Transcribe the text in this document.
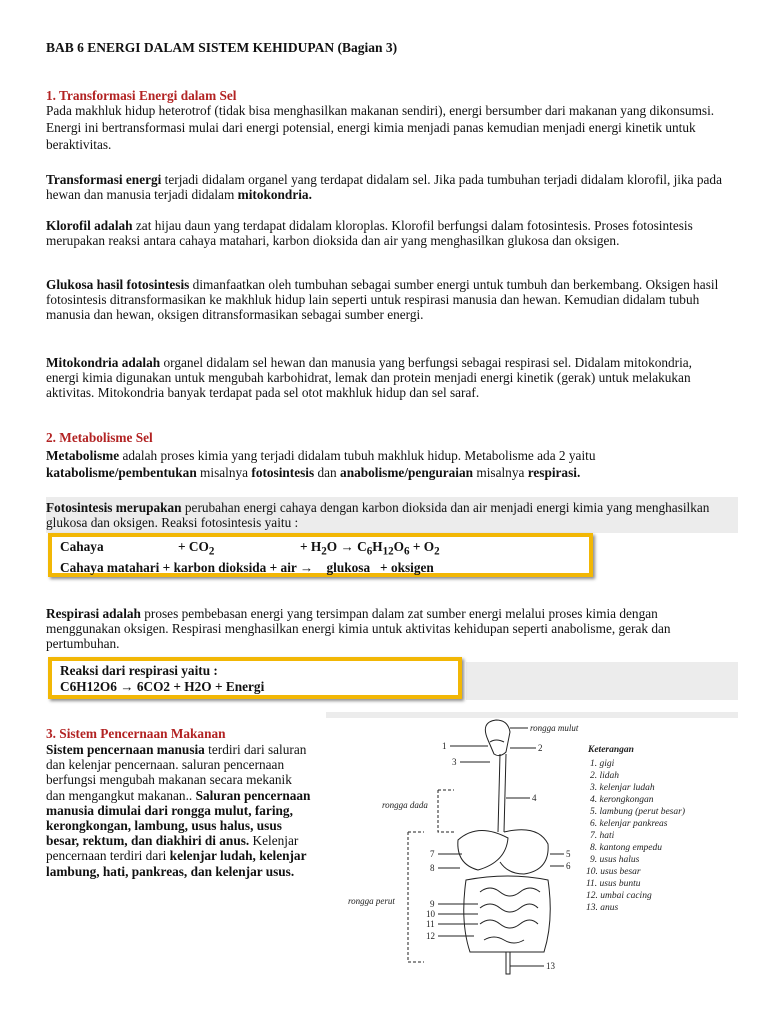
BAB 6 ENERGI DALAM SISTEM KEHIDUPAN (Bagian 3)
1. Transformasi Energi dalam Sel

Pada makhluk hidup heterotrof (tidak bisa menghasilkan makanan sendiri), energi bersumber dari makanan yang dikonsumsi. Energi ini bertransformasi mulai dari energi potensial, energi kimia menjadi panas kemudian menjadi energi kinetik untuk beraktivitas.

Transformasi energi terjadi didalam organel yang terdapat didalam sel. Jika pada tumbuhan terjadi didalam klorofil, jika pada hewan dan manusia terjadi didalam mitokondria.

Klorofil adalah zat hijau daun yang terdapat didalam kloroplas. Klorofil berfungsi dalam fotosintesis. Proses fotosintesis merupakan reaksi antara cahaya matahari, karbon dioksida dan air yang menghasilkan glukosa dan oksigen.

Glukosa hasil fotosintesis dimanfaatkan oleh tumbuhan sebagai sumber energi untuk tumbuh dan berkembang. Oksigen hasil fotosintesis ditransformasikan ke makhluk hidup lain seperti untuk respirasi manusia dan hewan. Kemudian didalam tubuh manusia dan hewan, oksigen ditransformasikan sebagai sumber energi.

Mitokondria adalah organel didalam sel hewan dan manusia yang berfungsi sebagai respirasi sel. Didalam mitokondria, energi kimia digunakan untuk mengubah karbohidrat, lemak dan protein menjadi energi kinetik (gerak) untuk melakukan aktivitas. Mitokondria banyak terdapat pada sel otot makhluk hidup dan sel saraf.

2. Metabolisme Sel

Metabolisme adalah proses kimia yang terjadi didalam tubuh makhluk hidup. Metabolisme ada 2 yaitu katabolisme/pembentukan misalnya fotosintesis dan anabolisme/penguraian misalnya respirasi.

Fotosintesis merupakan perubahan energi cahaya dengan karbon dioksida dan air menjadi energi kimia yang menghasilkan glukosa dan oksigen. Reaksi fotosintesis yaitu :

Cahaya	+ $CO_2$	+ $H_2O \to C_6H_{12}O_6 + O_2$
Cahaya matahari + karbon dioksida + air →    glukosa   + oksigen

Respirasi adalah proses pembebasan energi yang tersimpan dalam zat sumber energi melalui proses kimia dengan menggunakan oksigen. Respirasi menghasilkan energi kimia untuk aktivitas kehidupan seperti anabolisme, gerak dan pertumbuhan.

Reaksi dari respirasi yaitu :
C6H12O6 → 6CO2 + H2O + Energi
3. Sistem Pencernaan Makanan

Sistem pencernaan manusia terdiri dari saluran dan kelenjar pencernaan. saluran pencernaan berfungsi mengubah makanan secara mekanik dan mengangkut makanan.. Saluran pencernaan manusia dimulai dari rongga mulut, faring, kerongkongan, lambung, usus halus, usus besar, rektum, dan diakhiri di anus. Kelenjar pencernaan terdiri dari kelenjar ludah, kelenjar lambung, hati, pankreas, dan kelenjar usus.

rongga mulut
rongga dada
rongga perut
1	2
3
4
5
6
7
8
9
10
11
12
13
Keterangan
1. gigi
2. lidah
3. kelenjar ludah
4. kerongkongan
5. lambung (perut besar)
6. kelenjar pankreas
7. hati
8. kantong empedu
9. usus halus
10. usus besar
11. usus buntu
12. umbai cacing
13. anus
